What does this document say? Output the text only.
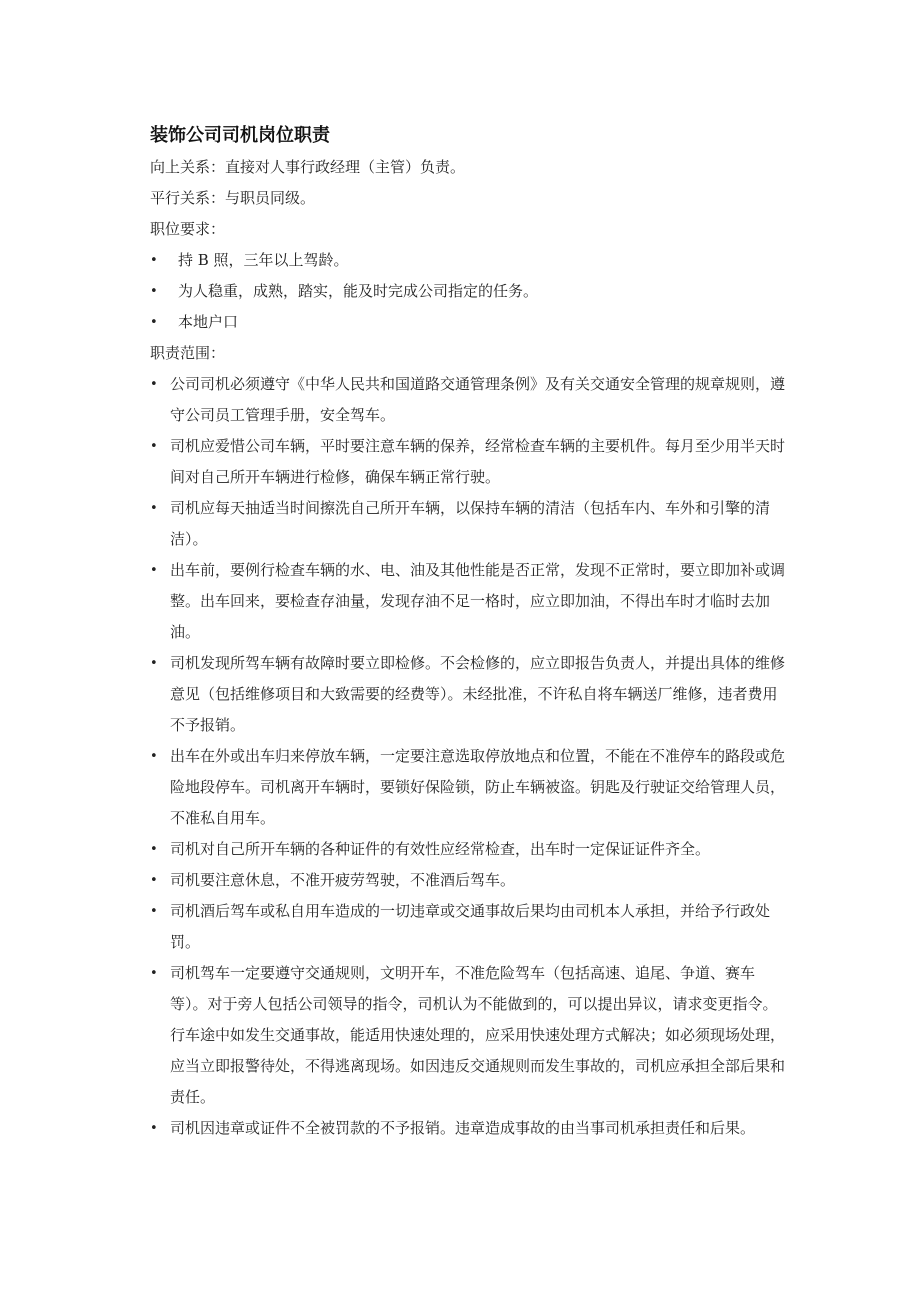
装饰公司司机岗位职责

向上关系：直接对人事行政经理（主管）负责。

平行关系：与职员同级。

职位要求：

• 持 B 照，三年以上驾龄。
• 为人稳重，成熟，踏实，能及时完成公司指定的任务。
• 本地户口

职责范围：

• 公司司机必须遵守《中华人民共和国道路交通管理条例》及有关交通安全管理的规章规则，遵守公司员工管理手册，安全驾车。
• 司机应爱惜公司车辆，平时要注意车辆的保养，经常检查车辆的主要机件。每月至少用半天时间对自己所开车辆进行检修，确保车辆正常行驶。
• 司机应每天抽适当时间擦洗自己所开车辆，以保持车辆的清洁（包括车内、车外和引擎的清洁）。
• 出车前，要例行检查车辆的水、电、油及其他性能是否正常，发现不正常时，要立即加补或调整。出车回来，要检查存油量，发现存油不足一格时，应立即加油，不得出车时才临时去加油。
• 司机发现所驾车辆有故障时要立即检修。不会检修的，应立即报告负责人，并提出具体的维修意见（包括维修项目和大致需要的经费等）。未经批准，不许私自将车辆送厂维修，违者费用不予报销。
• 出车在外或出车归来停放车辆，一定要注意选取停放地点和位置，不能在不准停车的路段或危险地段停车。司机离开车辆时，要锁好保险锁，防止车辆被盗。钥匙及行驶证交给管理人员，不准私自用车。
• 司机对自己所开车辆的各种证件的有效性应经常检查，出车时一定保证证件齐全。
• 司机要注意休息，不准开疲劳驾驶，不准酒后驾车。
• 司机酒后驾车或私自用车造成的一切违章或交通事故后果均由司机本人承担，并给予行政处罚。
• 司机驾车一定要遵守交通规则，文明开车，不准危险驾车（包括高速、追尾、争道、赛车等）。对于旁人包括公司领导的指令，司机认为不能做到的，可以提出异议，请求变更指令。行车途中如发生交通事故，能适用快速处理的，应采用快速处理方式解决；如必须现场处理，应当立即报警待处，不得逃离现场。如因违反交通规则而发生事故的，司机应承担全部后果和责任。
• 司机因违章或证件不全被罚款的不予报销。违章造成事故的由当事司机承担责任和后果。
